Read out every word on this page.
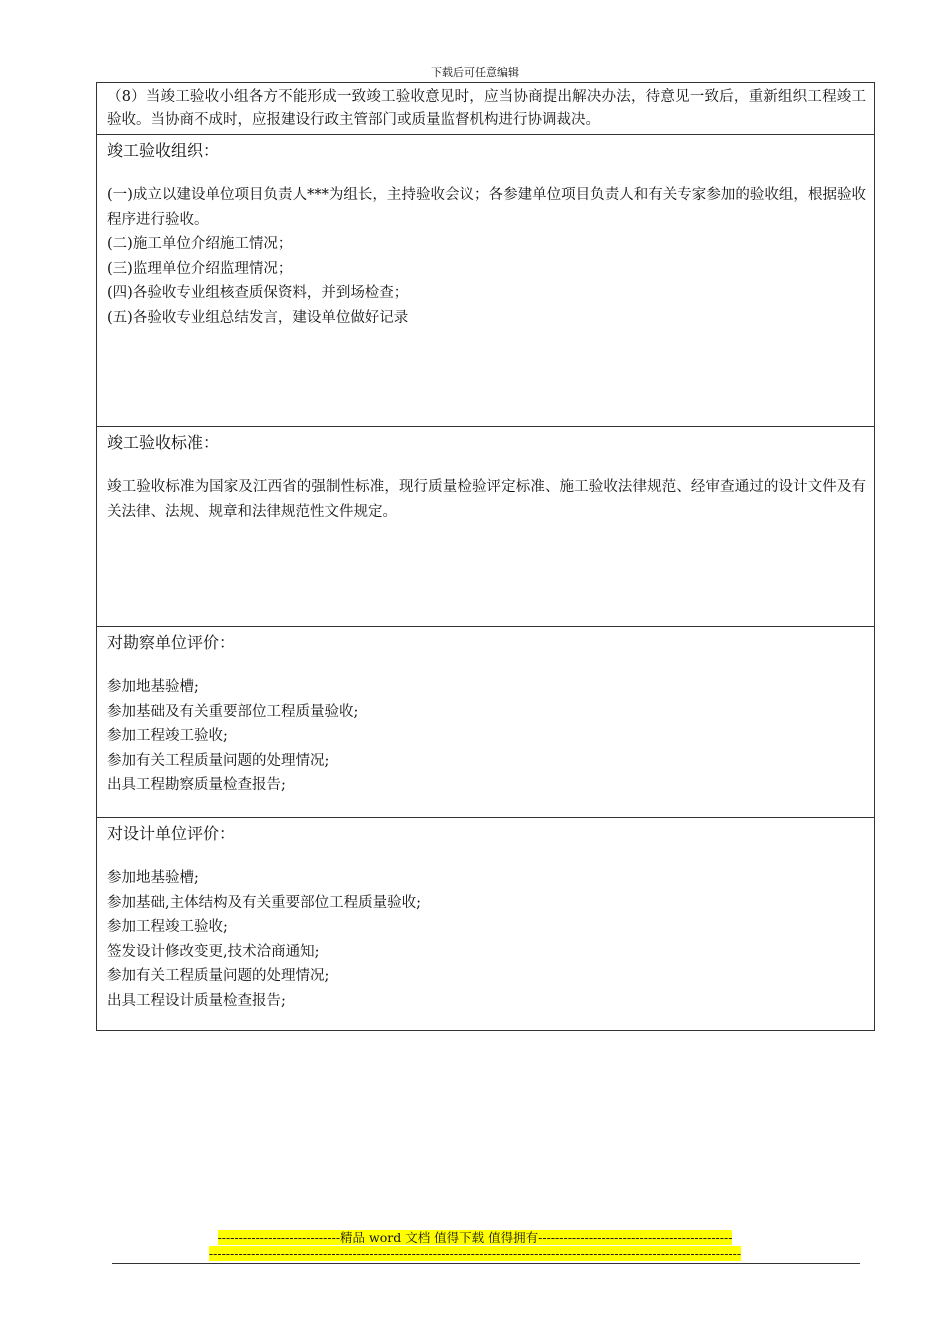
下载后可任意编辑
（8）当竣工验收小组各方不能形成一致竣工验收意见时，应当协商提出解决办法，待意见一致后，重新组织工程竣工验收。当协商不成时，应报建设行政主管部门或质量监督机构进行协调裁决。
竣工验收组织：
(一)成立以建设单位项目负责人***为组长，主持验收会议；各参建单位项目负责人和有关专家参加的验收组，根据验收程序进行验收。
(二)施工单位介绍施工情况；
(三)监理单位介绍监理情况；
(四)各验收专业组核查质保资料，并到场检查；
(五)各验收专业组总结发言，建设单位做好记录
竣工验收标准：
竣工验收标准为国家及江西省的强制性标准，现行质量检验评定标准、施工验收法律规范、经审查通过的设计文件及有关法律、法规、规章和法律规范性文件规定。
对勘察单位评价：
参加地基验槽;
参加基础及有关重要部位工程质量验收;
参加工程竣工验收;
参加有关工程质量问题的处理情况;
出具工程勘察质量检查报告;
对设计单位评价：
参加地基验槽;
参加基础,主体结构及有关重要部位工程质量验收;
参加工程竣工验收;
签发设计修改变更,技术洽商通知;
参加有关工程质量问题的处理情况;
出具工程设计质量检查报告;
-----------------------------精品 word 文档 值得下载 值得拥有----------------------------------------------
------------------------------------------------------------------------------------------------------------------------------
